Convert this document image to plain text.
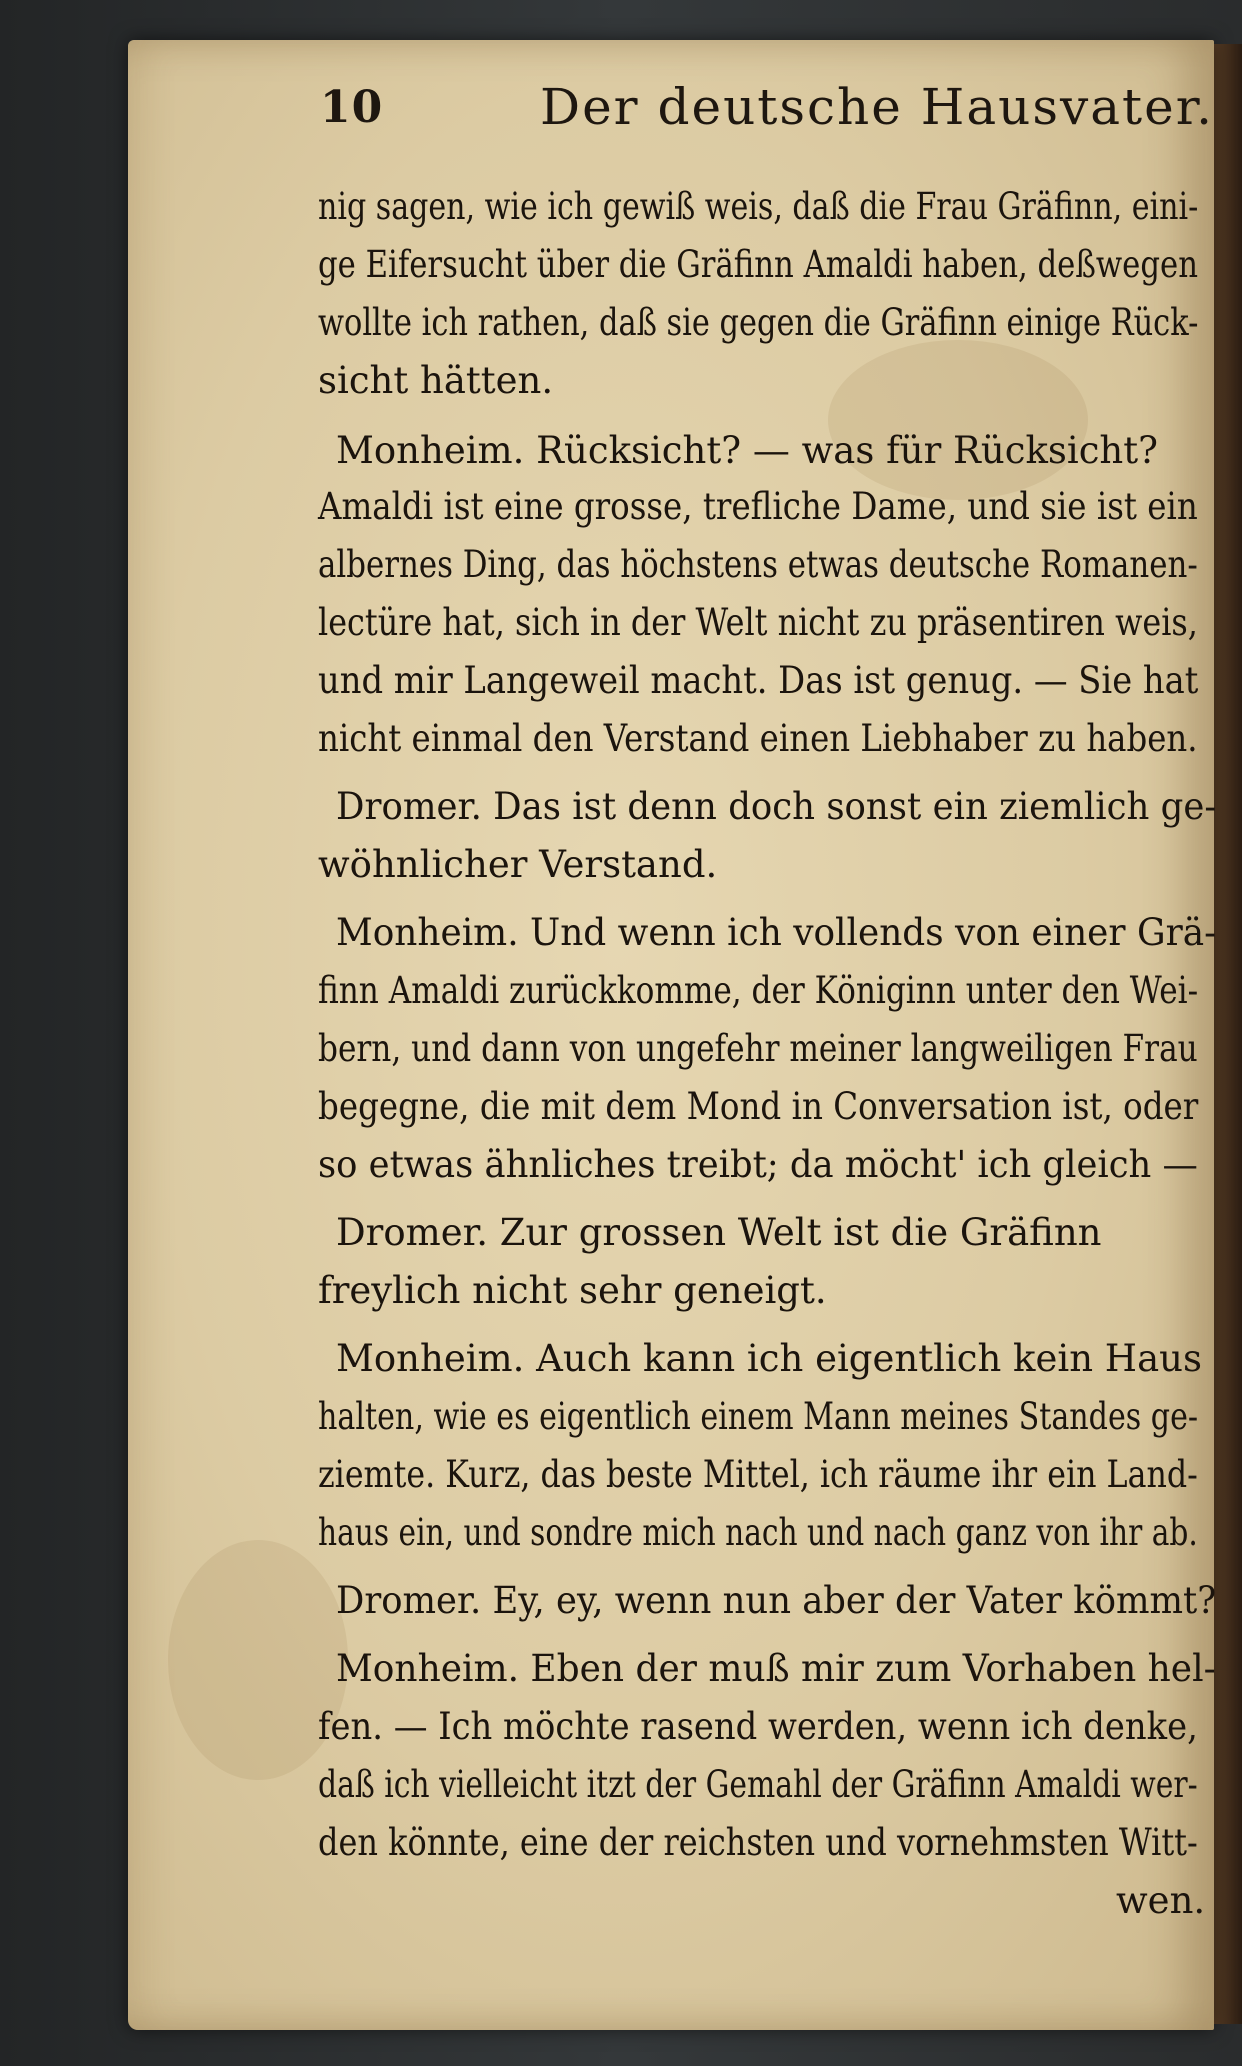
10	Der deutsche Hausvater.
nig sagen, wie ich gewiß weis, daß die Frau Gräfinn, eini-
ge Eifersucht über die Gräfinn Amaldi haben, deßwegen
wollte ich rathen, daß sie gegen die Gräfinn einige Rück-
sicht hätten.
Monheim. Rücksicht? — was für Rücksicht?
Amaldi ist eine grosse, trefliche Dame, und sie ist ein
albernes Ding, das höchstens etwas deutsche Romanen-
lectüre hat, sich in der Welt nicht zu präsentiren weis,
und mir Langeweil macht. Das ist genug. — Sie hat
nicht einmal den Verstand einen Liebhaber zu haben.
Dromer. Das ist denn doch sonst ein ziemlich ge-
wöhnlicher Verstand.
Monheim. Und wenn ich vollends von einer Grä-
finn Amaldi zurückkomme, der Königinn unter den Wei-
bern, und dann von ungefehr meiner langweiligen Frau
begegne, die mit dem Mond in Conversation ist, oder
so etwas ähnliches treibt; da möcht' ich gleich —
Dromer. Zur grossen Welt ist die Gräfinn
freylich nicht sehr geneigt.
Monheim. Auch kann ich eigentlich kein Haus
halten, wie es eigentlich einem Mann meines Standes ge-
ziemte. Kurz, das beste Mittel, ich räume ihr ein Land-
haus ein, und sondre mich nach und nach ganz von ihr ab.
Dromer. Ey, ey, wenn nun aber der Vater kömmt?
Monheim. Eben der muß mir zum Vorhaben hel-
fen. — Ich möchte rasend werden, wenn ich denke,
daß ich vielleicht itzt der Gemahl der Gräfinn Amaldi wer-
den könnte, eine der reichsten und vornehmsten Witt-
wen.
